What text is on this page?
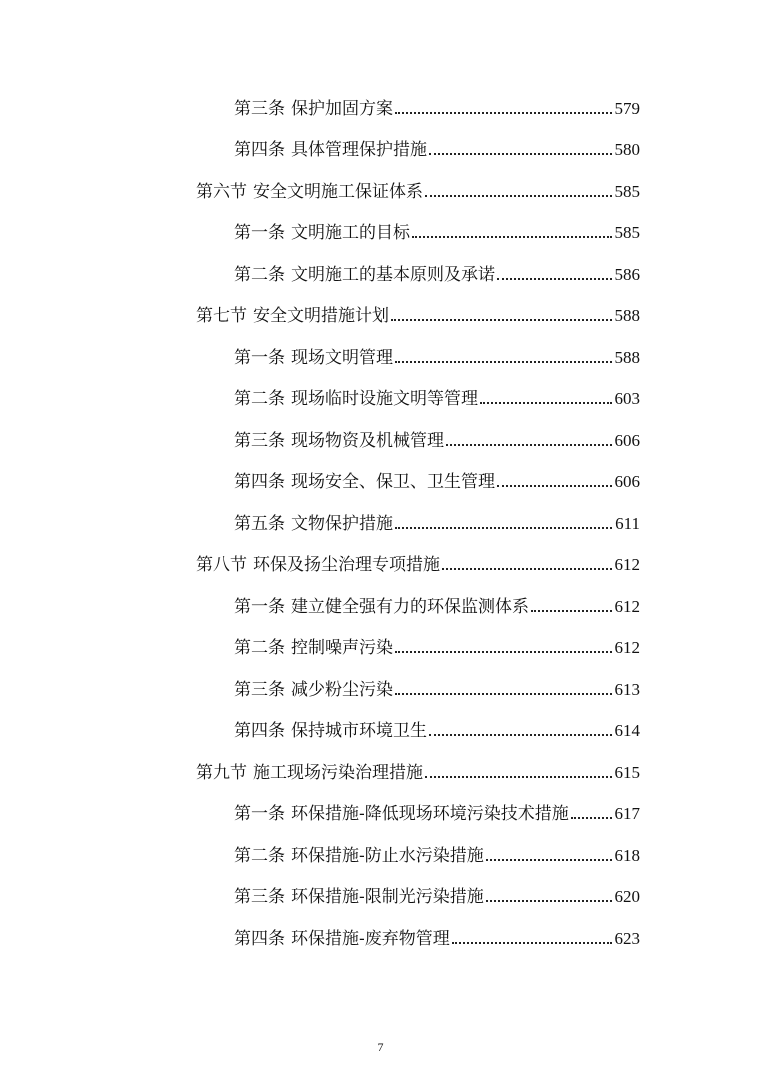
第三条 保护加固方案	579
第四条 具体管理保护措施	580
第六节 安全文明施工保证体系	585
第一条 文明施工的目标	585
第二条 文明施工的基本原则及承诺	586
第七节 安全文明措施计划	588
第一条 现场文明管理	588
第二条 现场临时设施文明等管理	603
第三条 现场物资及机械管理	606
第四条 现场安全、保卫、卫生管理	606
第五条 文物保护措施	611
第八节 环保及扬尘治理专项措施	612
第一条 建立健全强有力的环保监测体系	612
第二条 控制噪声污染	612
第三条 减少粉尘污染	613
第四条 保持城市环境卫生	614
第九节 施工现场污染治理措施	615
第一条 环保措施-降低现场环境污染技术措施	617
第二条 环保措施-防止水污染措施	618
第三条 环保措施-限制光污染措施	620
第四条 环保措施-废弃物管理	623
7
